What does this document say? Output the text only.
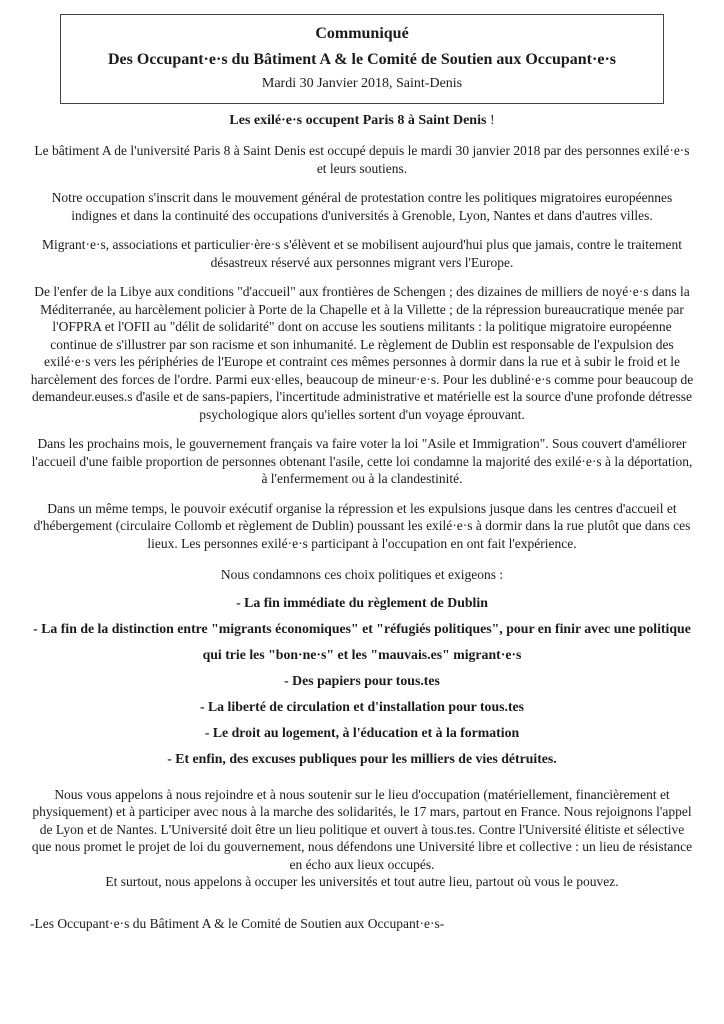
Communiqué
Des Occupant·e·s du Bâtiment A & le Comité de Soutien aux Occupant·e·s
Mardi 30 Janvier 2018, Saint-Denis
Les exilé·e·s occupent Paris 8 à Saint Denis !

Le bâtiment A de l'université Paris 8 à Saint Denis est occupé depuis le mardi 30 janvier 2018 par des personnes exilé·e·s et leurs soutiens.

Notre occupation s'inscrit dans le mouvement général de protestation contre les politiques migratoires européennes indignes et dans la continuité des occupations d'universités à Grenoble, Lyon, Nantes et dans d'autres villes.

Migrant·e·s, associations et particulier·ère·s s'élèvent et se mobilisent aujourd'hui plus que jamais, contre le traitement désastreux réservé aux personnes migrant vers l'Europe.

De l'enfer de la Libye aux conditions "d'accueil" aux frontières de Schengen ; des dizaines de milliers de noyé·e·s dans la Méditerranée, au harcèlement policier à Porte de la Chapelle et à la Villette ; de la répression bureaucratique menée par l'OFPRA et l'OFII au "délit de solidarité" dont on accuse les soutiens militants : la politique migratoire européenne continue de s'illustrer par son racisme et son inhumanité. Le règlement de Dublin est responsable de l'expulsion des exilé·e·s vers les périphéries de l'Europe et contraint ces mêmes personnes à dormir dans la rue et à subir le froid et le harcèlement des forces de l'ordre. Parmi eux·elles, beaucoup de mineur·e·s. Pour les dubliné·e·s comme pour beaucoup de demandeur.euses.s d'asile et de sans-papiers, l'incertitude administrative et matérielle est la source d'une profonde détresse psychologique alors qu'ielles sortent d'un voyage éprouvant.

Dans les prochains mois, le gouvernement français va faire voter la loi "Asile et Immigration". Sous couvert d'améliorer l'accueil d'une faible proportion de personnes obtenant l'asile, cette loi condamne la majorité des exilé·e·s à la déportation, à l'enfermement ou à la clandestinité.

Dans un même temps, le pouvoir exécutif organise la répression et les expulsions jusque dans les centres d'accueil et d'hébergement (circulaire Collomb et règlement de Dublin) poussant les exilé·e·s à dormir dans la rue plutôt que dans ces lieux. Les personnes exilé·e·s participant à l'occupation en ont fait l'expérience.

Nous condamnons ces choix politiques et exigeons :

- La fin immédiate du règlement de Dublin

- La fin de la distinction entre "migrants économiques" et "réfugiés politiques", pour en finir avec une politique qui trie les "bon·ne·s" et les "mauvais.es" migrant·e·s

- Des papiers pour tous.tes

- La liberté de circulation et d'installation pour tous.tes

- Le droit au logement, à l'éducation et à la formation

- Et enfin, des excuses publiques pour les milliers de vies détruites.

Nous vous appelons à nous rejoindre et à nous soutenir sur le lieu d'occupation (matériellement, financièrement et physiquement) et à participer avec nous à la marche des solidarités, le 17 mars, partout en France. Nous rejoignons l'appel de Lyon et de Nantes. L'Université doit être un lieu politique et ouvert à tous.tes. Contre l'Université élitiste et sélective que nous promet le projet de loi du gouvernement, nous défendons une Université libre et collective : un lieu de résistance en écho aux lieux occupés.

Et surtout, nous appelons à occuper les universités et tout autre lieu, partout où vous le pouvez.

-Les Occupant·e·s du Bâtiment A & le Comité de Soutien aux Occupant·e·s-
